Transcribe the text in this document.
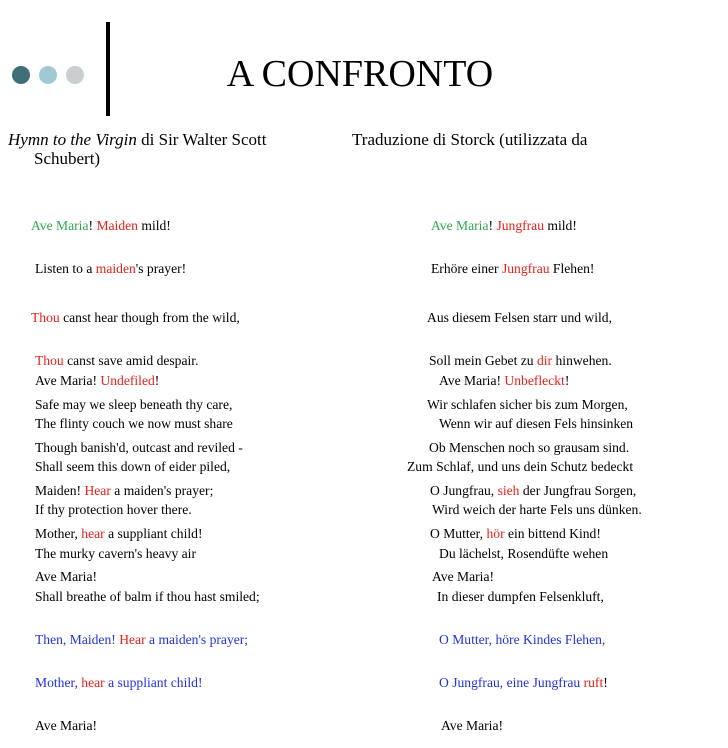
A CONFRONTO
Hymn to the Virgin di Sir Walter Scott
Schubert)
Traduzione di Storck (utilizzata da

Ave Maria! Maiden mild!

Listen to a maiden's prayer!

Thou canst hear though from the wild,

Thou canst save amid despair.

Safe may we sleep beneath thy care,

Though banish'd, outcast and reviled -

Maiden! Hear a maiden's prayer;

Mother, hear a suppliant child!

Ave Maria!

Ave Maria! Undefiled!

The flinty couch we now must share

Shall seem this down of eider piled,

If thy protection hover there.

The murky cavern's heavy air

Shall breathe of balm if thou hast smiled;

Then, Maiden! Hear a maiden's prayer;

Mother, hear a suppliant child!

Ave Maria!

Ave Maria! Jungfrau mild!

Erhöre einer Jungfrau Flehen!

Aus diesem Felsen starr und wild,

Soll mein Gebet zu dir hinwehen.

Wir schlafen sicher bis zum Morgen,

Ob Menschen noch so grausam sind.

O Jungfrau, sieh der Jungfrau Sorgen,

O Mutter, hör ein bittend Kind!

Ave Maria!

Ave Maria! Unbefleckt!

Wenn wir auf diesen Fels hinsinken

Zum Schlaf, und uns dein Schutz bedeckt

Wird weich der harte Fels uns dünken.

Du lächelst, Rosendüfte wehen

In dieser dumpfen Felsenkluft,

O Mutter, höre Kindes Flehen,

O Jungfrau, eine Jungfrau ruft!

Ave Maria!
